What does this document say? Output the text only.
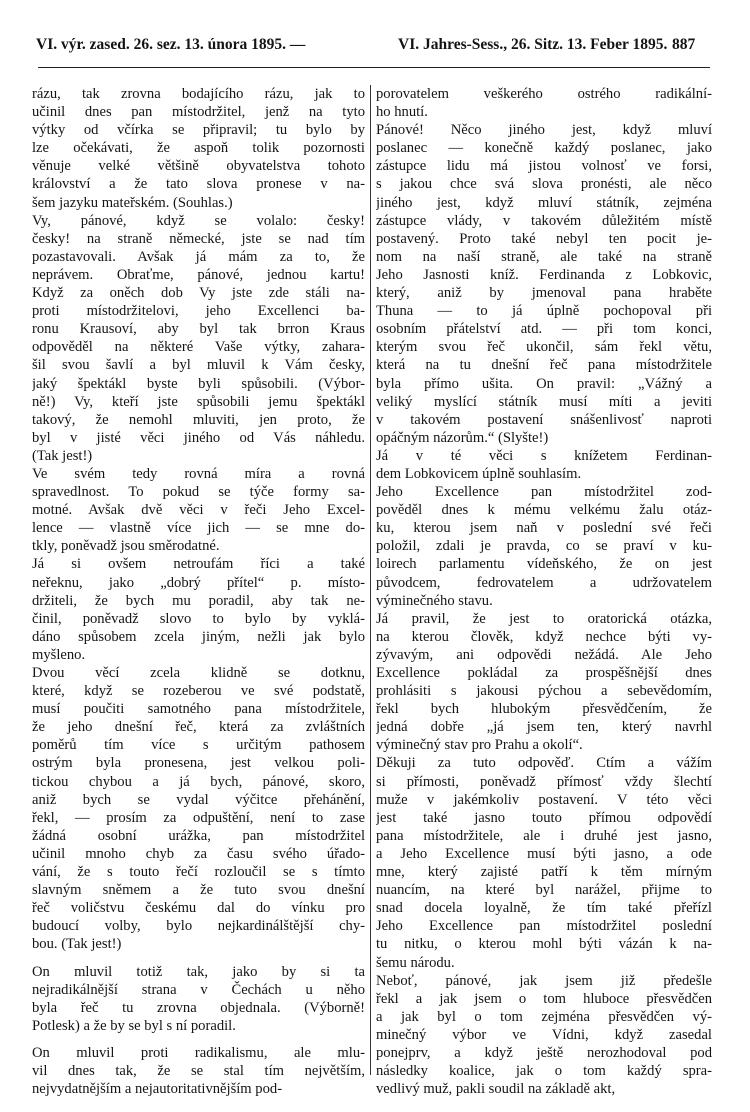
VI. výr. zased. 26. sez. 13. února 1895. —	VI. Jahres-Sess., 26. Sitz. 13. Feber 1895. 887
rázu, tak zrovna bodajícího rázu, jak to
učinil dnes pan místodržitel, jenž na tyto
výtky od včírka se připravil; tu bylo by
lze očekávati, že aspoň tolik pozornosti
věnuje velké většině obyvatelstva tohoto
království a že tato slova pronese v na-
šem jazyku mateřském. (Souhlas.)
Vy, pánové, když se volalo: česky!
česky! na straně německé, jste se nad tím
pozastavovali. Avšak já mám za to, že
neprávem. Obraťme, pánové, jednou kartu!
Když za oněch dob Vy jste zde stáli na-
proti místodržitelovi, jeho Excellenci ba-
ronu Krausoví, aby byl tak brron Kraus
odpověděl na některé Vaše výtky, zahara-
šil svou šavlí a byl mluvil k Vám česky,
jaký špektákl byste byli spůsobili. (Výbor-
ně!) Vy, kteří jste spůsobili jemu špektákl
takový, že nemohl mluviti, jen proto, že
byl v jisté věci jiného od Vás náhledu.
(Tak jest!)
Ve svém tedy rovná míra a rovná
spravedlnost. To pokud se týče formy sa-
motné. Avšak dvě věci v řeči Jeho Excel-
lence — vlastně více jich — se mne do-
tkly, poněvadž jsou směrodatné.
Já si ovšem netroufám říci a také
neřeknu, jako „dobrý přítel“ p. místo-
držiteli, že bych mu poradil, aby tak ne-
činil, poněvadž slovo to bylo by vyklá-
dáno spůsobem zcela jiným, nežli jak bylo
myšleno.
Dvou věcí zcela klidně se dotknu,
které, když se rozeberou ve své podstatě,
musí poučiti samotného pana místodržitele,
že jeho dnešní řeč, která za zvláštních
poměrů tím více s určitým pathosem
ostrým byla pronesena, jest velkou poli-
tickou chybou a já bych, pánové, skoro,
aniž bych se vydal výčitce přehánění,
řekl, — prosím za odpuštění, není to zase
žádná osobní urážka, pan místodržitel
učinil mnoho chyb za času svého úřado-
vání, že s touto řečí rozloučil se s tímto
slavným sněmem a že tuto svou dnešní
řeč voličstvu českému dal do vínku pro
budoucí volby, bylo nejkardinálštější chy-
bou. (Tak jest!)
On mluvil totiž tak, jako by si ta
nejradikálnější strana v Čechách u něho
byla řeč tu zrovna objednala. (Výborně!
Potlesk) a že by se byl s ní poradil.
On mluvil proti radikalismu, ale mlu-
vil dnes tak, že se stal tím největším,
nejvydatnějším a nejautoritativnějším pod-
porovatelem veškerého ostrého radikální-
ho hnutí.
Pánové! Něco jiného jest, když mluví
poslanec — konečně každý poslanec, jako
zástupce lidu má jistou volnosť ve forsi,
s jakou chce svá slova pronésti, ale něco
jiného jest, když mluví státník, zejména
zástupce vlády, v takovém důležitém místě
postavený. Proto také nebyl ten pocit je-
nom na naší straně, ale také na straně
Jeho Jasnosti kníž. Ferdinanda z Lobkovic,
který, aniž by jmenoval pana hraběte
Thuna — to já úplně pochopoval při
osobním přátelství atd. — při tom konci,
kterým svou řeč ukončil, sám řekl větu,
která na tu dnešní řeč pana místodržitele
byla přímo ušita. On pravil: „Vážný a
veliký myslící státník musí míti a jeviti
v takovém postavení snášenlivosť naproti
opáčným názorům.“ (Slyšte!)
Já v té věci s knížetem Ferdinan-
dem Lobkovicem úplně souhlasím.
Jeho Excellence pan místodržitel zod-
pověděl dnes k mému velkému žalu otáz-
ku, kterou jsem naň v poslední své řeči
položil, zdali je pravda, co se praví v ku-
loirech parlamentu vídeňského, že on jest
původcem, fedrovatelem a udržovatelem
výminečného stavu.
Já pravil, že jest to oratorická otázka,
na kterou člověk, když nechce býti vy-
zývavým, ani odpovědi nežádá. Ale Jeho
Excellence pokládal za prospěšnější dnes
prohlásiti s jakousi pýchou a sebevědomím,
řekl bych hlubokým přesvědčením, že
jedná dobře „já jsem ten, který navrhl
výminečný stav pro Prahu a okolí“.
Děkuji za tuto odpověď. Ctím a vážím
si přímosti, poněvadž přímosť vždy šlechtí
muže v jakémkoliv postavení. V této věci
jest také jasno touto přímou odpovědí
pana místodržitele, ale i druhé jest jasno,
a Jeho Excellence musí býti jasno, a ode
mne, který zajisté patří k těm mírným
nuancím, na které byl narážel, přijme to
snad docela loyalně, že tím také přeřízl
Jeho Excellence pan místodržitel poslední
tu nitku, o kterou mohl býti vázán k na-
šemu národu.
Neboť, pánové, jak jsem již předešle
řekl a jak jsem o tom hluboce přesvědčen
a jak byl o tom zejména přesvědčen vý-
minečný výbor ve Vídni, když zasedal
ponejprv, a když ještě nerozhodoval pod
následky koalice, jak o tom každý spra-
vedlivý muž, pakli soudil na základě akt,
